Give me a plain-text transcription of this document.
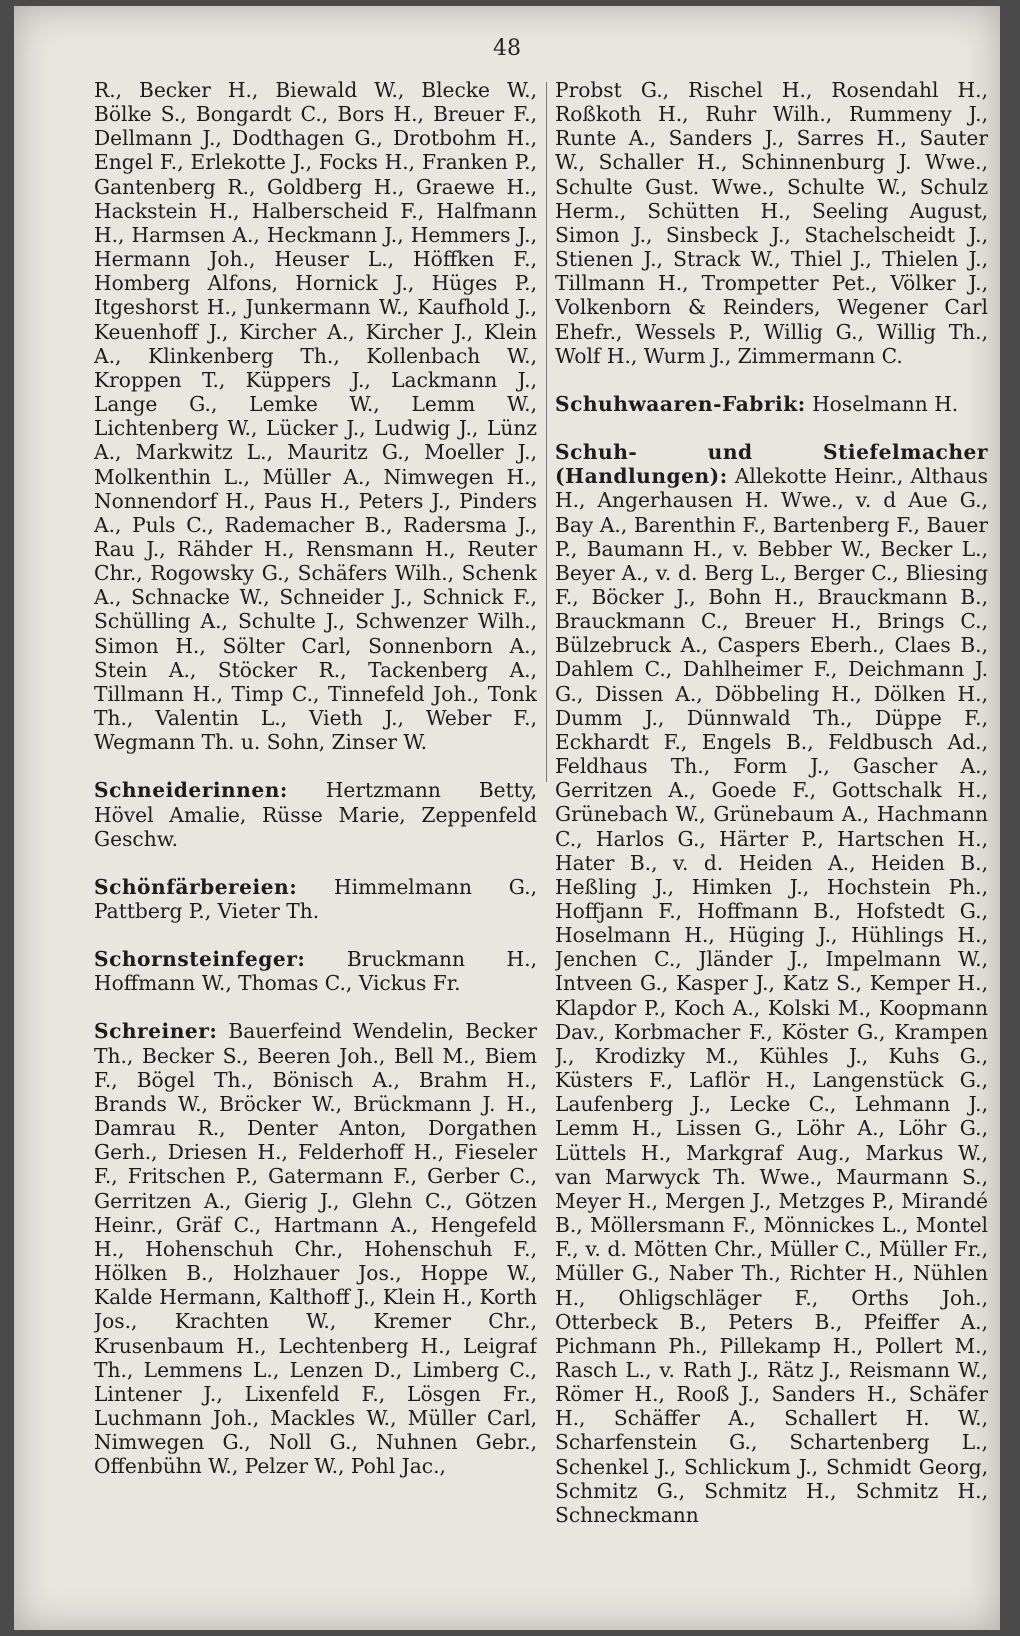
48

R., Becker H., Biewald W., Blecke W., Bölke S., Bongardt C., Bors H., Breuer F., Dellmann J., Dodthagen G., Drotbohm H., Engel F., Erlekotte J., Focks H., Franken P., Gantenberg R., Goldberg H., Graewe H., Hackstein H., Halberscheid F., Halfmann H., Harmsen A., Heckmann J., Hemmers J., Hermann Joh., Heuser L., Höffken F., Homberg Alfons, Hornick J., Hüges P., Itgeshorst H., Junkermann W., Kaufhold J., Keuenhoff J., Kircher A., Kircher J., Klein A., Klinkenberg Th., Kollenbach W., Kroppen T., Küppers J., Lackmann J., Lange G., Lemke W., Lemm W., Lichtenberg W., Lücker J., Ludwig J., Lünz A., Markwitz L., Mauritz G., Moeller J., Molkenthin L., Müller A., Nimwegen H., Nonnendorf H., Paus H., Peters J., Pinders A., Puls C., Rademacher B., Radersma J., Rau J., Rähder H., Rensmann H., Reuter Chr., Rogowsky G., Schäfers Wilh., Schenk A., Schnacke W., Schneider J., Schnick F., Schülling A., Schulte J., Schwenzer Wilh., Simon H., Sölter Carl, Sonnenborn A., Stein A., Stöcker R., Tackenberg A., Tillmann H., Timp C., Tinnefeld Joh., Tonk Th., Valentin L., Vieth J., Weber F., Wegmann Th. u. Sohn, Zinser W.

Schneiderinnen: Hertzmann Betty, Hövel Amalie, Rüsse Marie, Zeppenfeld Geschw.

Schönfärbereien: Himmelmann G., Pattberg P., Vieter Th.

Schornsteinfeger: Bruckmann H., Hoffmann W., Thomas C., Vickus Fr.

Schreiner: Bauerfeind Wendelin, Becker Th., Becker S., Beeren Joh., Bell M., Biem F., Bögel Th., Bönisch A., Brahm H., Brands W., Bröcker W., Brückmann J. H., Damrau R., Denter Anton, Dorgathen Gerh., Driesen H., Felderhoff H., Fieseler F., Fritschen P., Gatermann F., Gerber C., Gerritzen A., Gierig J., Glehn C., Götzen Heinr., Gräf C., Hartmann A., Hengefeld H., Hohenschuh Chr., Hohenschuh F., Hölken B., Holzhauer Jos., Hoppe W., Kalde Hermann, Kalthoff J., Klein H., Korth Jos., Krachten W., Kremer Chr., Krusenbaum H., Lechtenberg H., Leigraf Th., Lemmens L., Lenzen D., Limberg C., Lintener J., Lixenfeld F., Lösgen Fr., Luchmann Joh., Mackles W., Müller Carl, Nimwegen G., Noll G., Nuhnen Gebr., Offenbühn W., Pelzer W., Pohl Jac.,

Probst G., Rischel H., Rosendahl H., Roßkoth H., Ruhr Wilh., Rummeny J., Runte A., Sanders J., Sarres H., Sauter W., Schaller H., Schinnenburg J. Wwe., Schulte Gust. Wwe., Schulte W., Schulz Herm., Schütten H., Seeling August, Simon J., Sinsbeck J., Stachelscheidt J., Stienen J., Strack W., Thiel J., Thielen J., Tillmann H., Trompetter Pet., Völker J., Volkenborn & Reinders, Wegener Carl Ehefr., Wessels P., Willig G., Willig Th., Wolf H., Wurm J., Zimmermann C.

Schuhwaaren-Fabrik: Hoselmann H.

Schuh- und Stiefelmacher (Handlungen): Allekotte Heinr., Althaus H., Angerhausen H. Wwe., v. d Aue G., Bay A., Barenthin F., Bartenberg F., Bauer P., Baumann H., v. Bebber W., Becker L., Beyer A., v. d. Berg L., Berger C., Bliesing F., Böcker J., Bohn H., Brauckmann B., Brauckmann C., Breuer H., Brings C., Bülzebruck A., Caspers Eberh., Claes B., Dahlem C., Dahlheimer F., Deichmann J. G., Dissen A., Döbbeling H., Dölken H., Dumm J., Dünnwald Th., Düppe F., Eckhardt F., Engels B., Feldbusch Ad., Feldhaus Th., Form J., Gascher A., Gerritzen A., Goede F., Gottschalk H., Grünebach W., Grünebaum A., Hachmann C., Harlos G., Härter P., Hartschen H., Hater B., v. d. Heiden A., Heiden B., Heßling J., Himken J., Hochstein Ph., Hoffjann F., Hoffmann B., Hofstedt G., Hoselmann H., Hüging J., Hühlings H., Jenchen C., Jländer J., Impelmann W., Intveen G., Kasper J., Katz S., Kemper H., Klapdor P., Koch A., Kolski M., Koopmann Dav., Korbmacher F., Köster G., Krampen J., Krodizky M., Kühles J., Kuhs G., Küsters F., Laflör H., Langenstück G., Laufenberg J., Lecke C., Lehmann J., Lemm H., Lissen G., Löhr A., Löhr G., Lüttels H., Markgraf Aug., Markus W., van Marwyck Th. Wwe., Maurmann S., Meyer H., Mergen J., Metzges P., Mirandé B., Möllersmann F., Mönnickes L., Montel F., v. d. Mötten Chr., Müller C., Müller Fr., Müller G., Naber Th., Richter H., Nühlen H., Ohligschläger F., Orths Joh., Otterbeck B., Peters B., Pfeiffer A., Pichmann Ph., Pillekamp H., Pollert M., Rasch L., v. Rath J., Rätz J., Reismann W., Römer H., Rooß J., Sanders H., Schäfer H., Schäffer A., Schallert H. W., Scharfenstein G., Schartenberg L., Schenkel J., Schlickum J., Schmidt Georg, Schmitz G., Schmitz H., Schmitz H., Schneckmann
